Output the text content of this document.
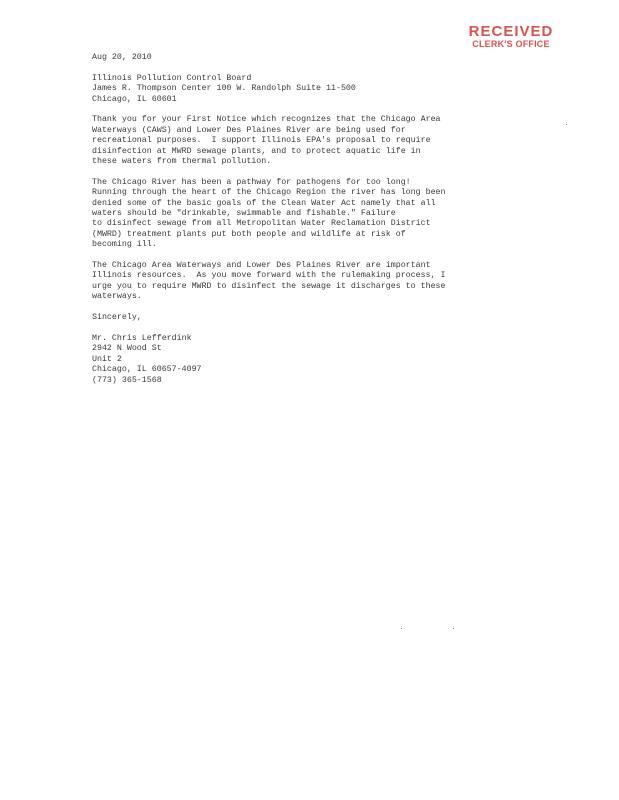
RECEIVED
CLERK'S OFFICE
Aug 20, 2010
Illinois Pollution Control Board
James R. Thompson Center 100 W. Randolph Suite 11-500
Chicago, IL 60601
Thank you for your First Notice which recognizes that the Chicago Area
Waterways (CAWS) and Lower Des Plaines River are being used for
recreational purposes.  I support Illinois EPA's proposal to require
disinfection at MWRD sewage plants, and to protect aquatic life in
these waters from thermal pollution.
The Chicago River has been a pathway for pathogens for too long!
Running through the heart of the Chicago Region the river has long been
denied some of the basic goals of the Clean Water Act namely that all
waters should be "drinkable, swimmable and fishable." Failure
to disinfect sewage from all Metropolitan Water Reclamation District
(MWRD) treatment plants put both people and wildlife at risk of
becoming ill.
The Chicago Area Waterways and Lower Des Plaines River are important
Illinois resources.  As you move forward with the rulemaking process, I
urge you to require MWRD to disinfect the sewage it discharges to these
waterways.
Sincerely,
Mr. Chris Lefferdink
2942 N Wood St
Unit 2
Chicago, IL 60657-4097
(773) 365-1568
